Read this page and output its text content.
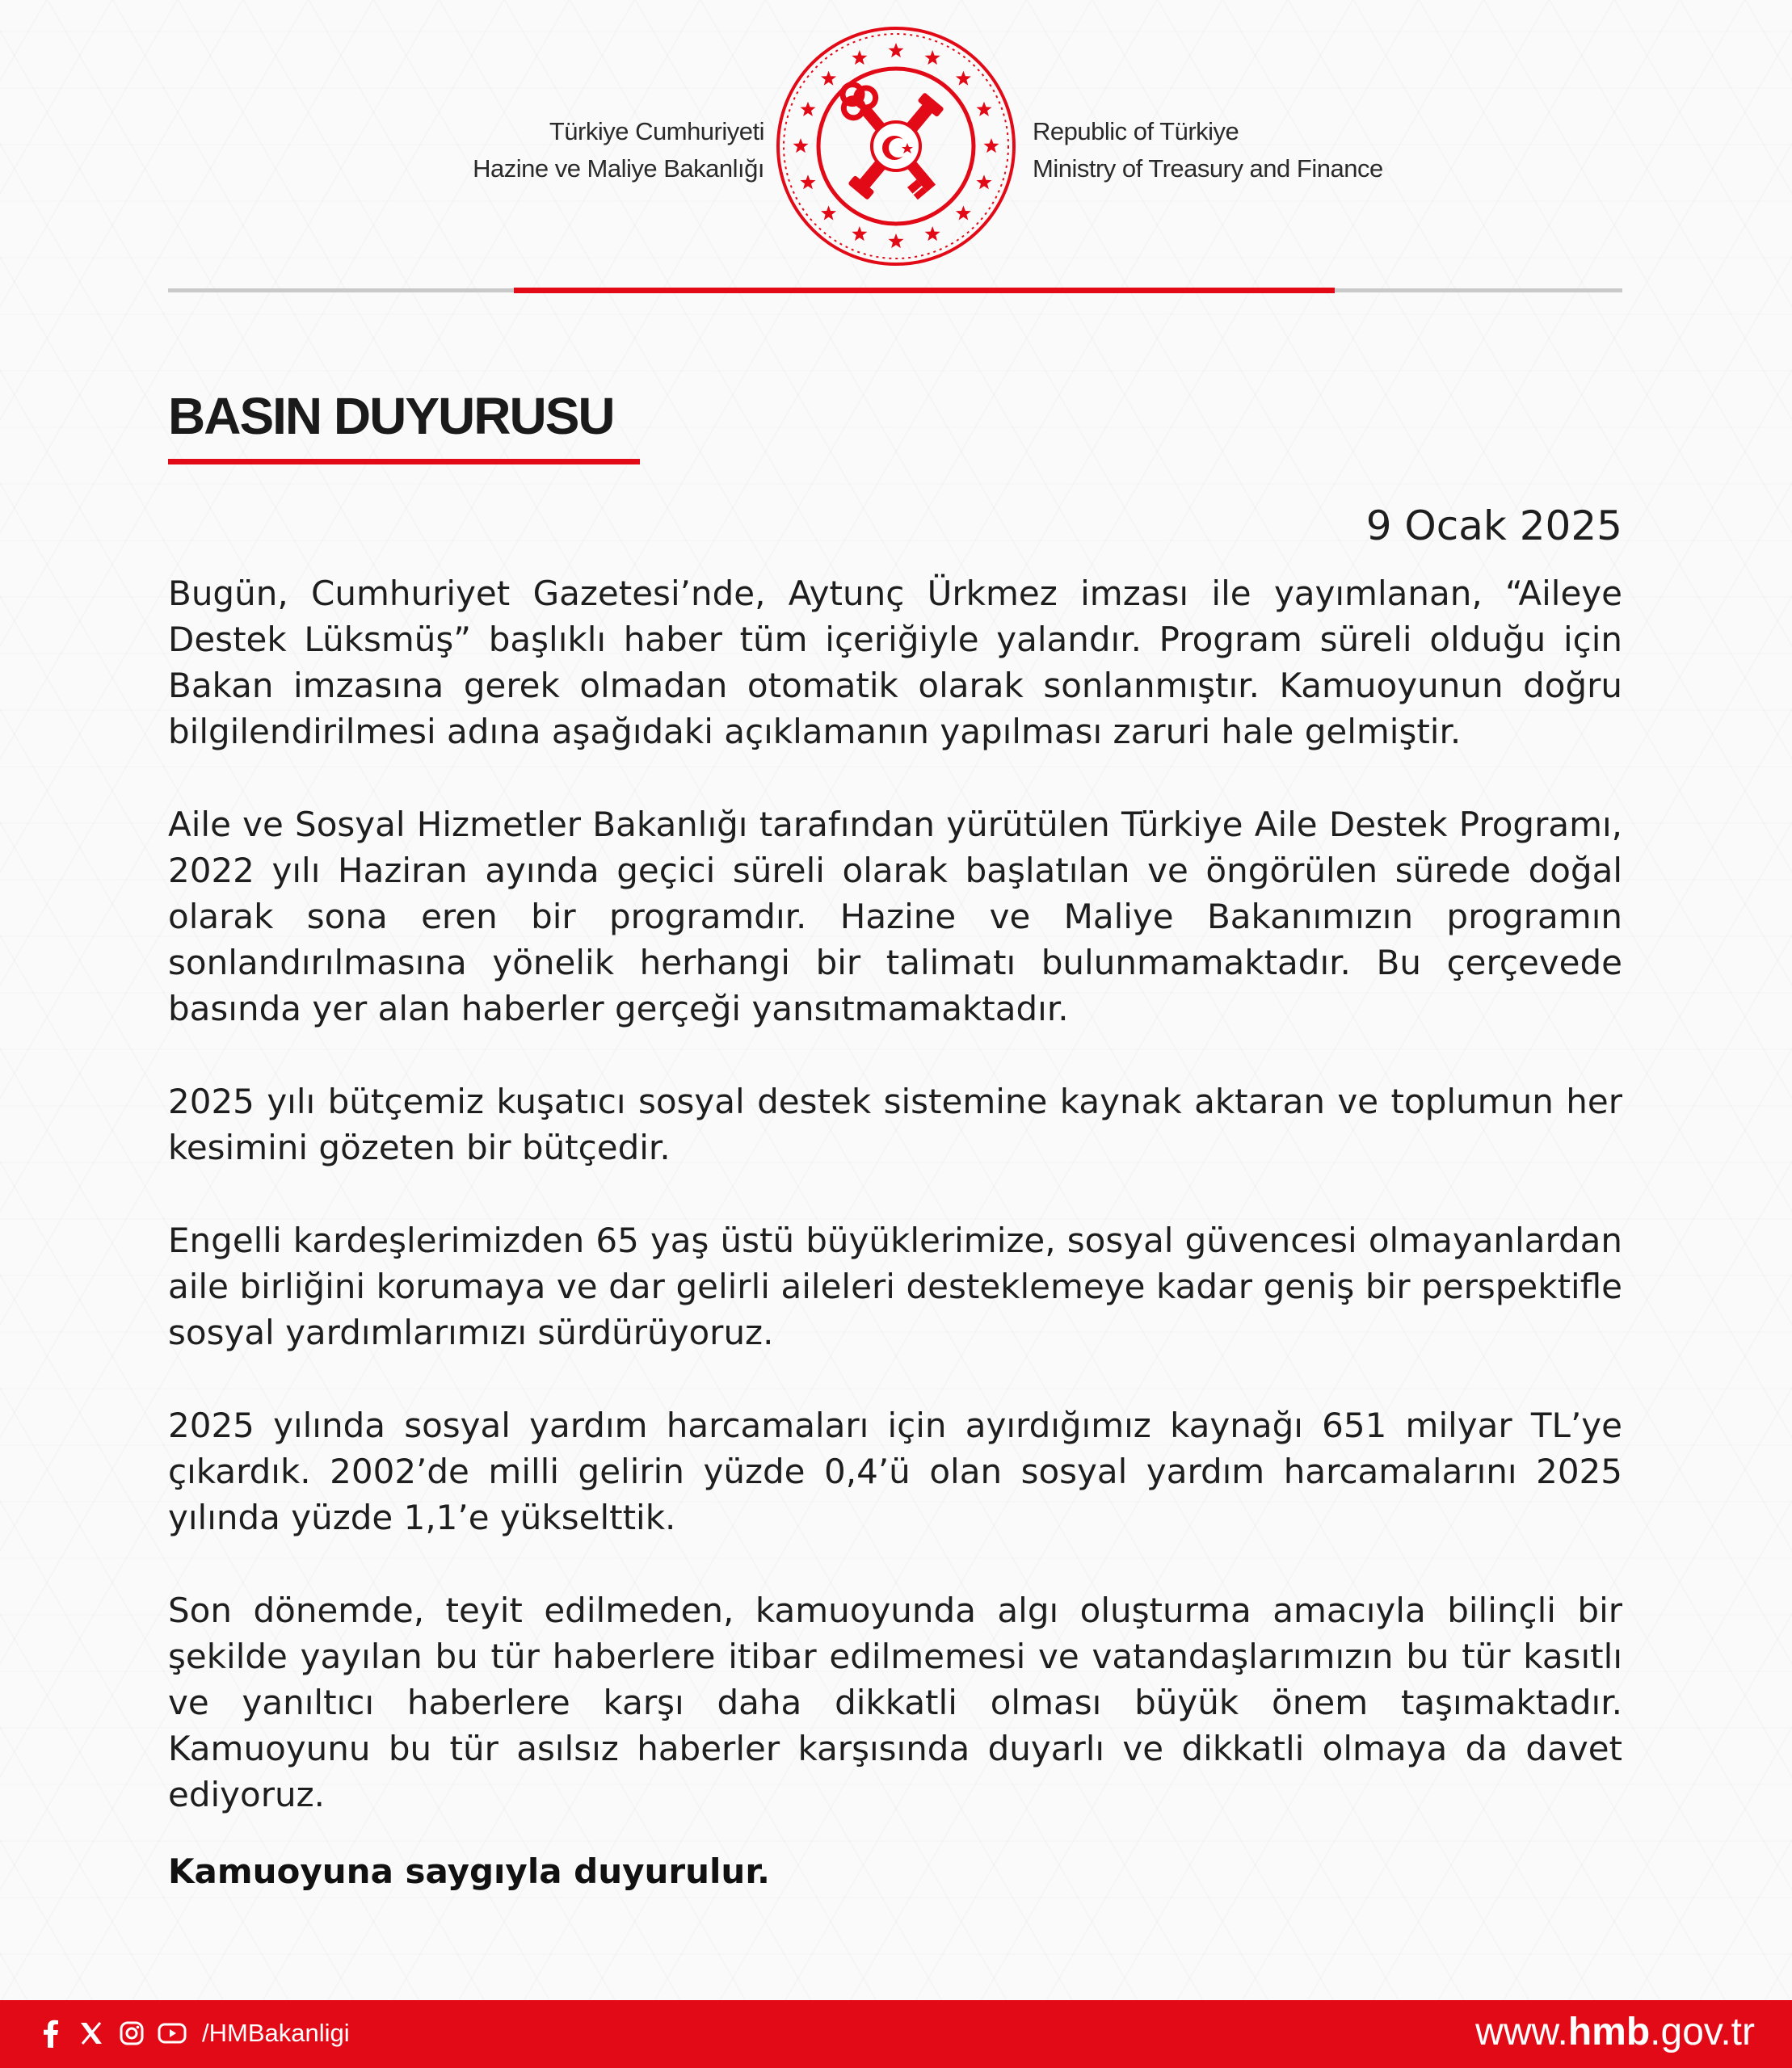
Türkiye Cumhuriyeti
Hazine ve Maliye Bakanlığı
Republic of Türkiye
Ministry of Treasury and Finance
BASIN DUYURUSU
9 Ocak 2025

Bugün, Cumhuriyet Gazetesi’nde, Aytunç Ürkmez imzası ile yayımlanan, “Aileye Destek Lüksmüş” başlıklı haber tüm içeriğiyle yalandır. Program süreli olduğu için Bakan imzasına gerek olmadan otomatik olarak sonlanmıştır. Kamuoyunun doğru bilgilendirilmesi adına aşağıdaki açıklamanın yapılması zaruri hale gelmiştir.

Aile ve Sosyal Hizmetler Bakanlığı tarafından yürütülen Türkiye Aile Destek Programı, 2022 yılı Haziran ayında geçici süreli olarak başlatılan ve öngörülen sürede doğal olarak sona eren bir programdır. Hazine ve Maliye Bakanımızın programın sonlandırılmasına yönelik herhangi bir talimatı bulunmamaktadır. Bu çerçevede basında yer alan haberler gerçeği yansıtmamaktadır.

2025 yılı bütçemiz kuşatıcı sosyal destek sistemine kaynak aktaran ve toplumun her kesimini gözeten bir bütçedir.

Engelli kardeşlerimizden 65 yaş üstü büyüklerimize, sosyal güvencesi olmayanlardan aile birliğini korumaya ve dar gelirli aileleri desteklemeye kadar geniş bir perspektifle sosyal yardımlarımızı sürdürüyoruz.

2025 yılında sosyal yardım harcamaları için ayırdığımız kaynağı 651 milyar TL’ye çıkardık. 2002’de milli gelirin yüzde 0,4’ü olan sosyal yardım harcamalarını 2025 yılında yüzde 1,1’e yükselttik.

Son dönemde, teyit edilmeden, kamuoyunda algı oluşturma amacıyla bilinçli bir şekilde yayılan bu tür haberlere itibar edilmemesi ve vatandaşlarımızın bu tür kasıtlı ve yanıltıcı haberlere karşı daha dikkatli olması büyük önem taşımaktadır. Kamuoyunu bu tür asılsız haberler karşısında duyarlı ve dikkatli olmaya da davet ediyoruz.

Kamuoyuna saygıyla duyurulur.

/HMBakanligi	www.hmb.gov.tr
